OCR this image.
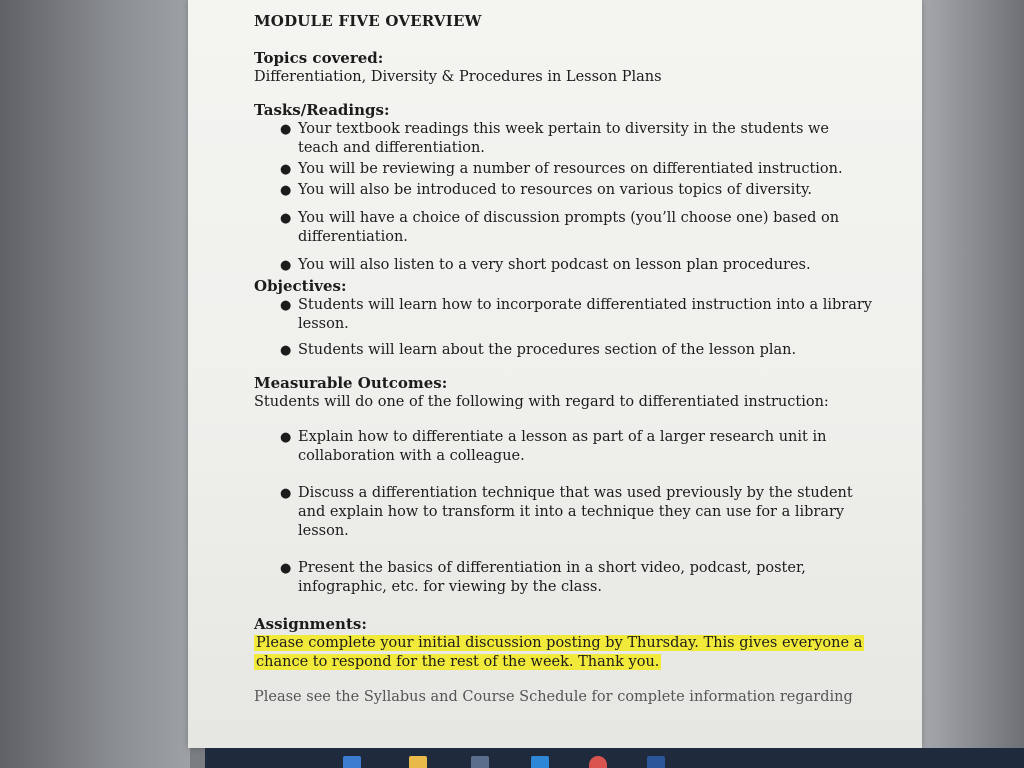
MODULE FIVE OVERVIEW
Topics covered:
Differentiation, Diversity & Procedures in Lesson Plans
Tasks/Readings:
● Your textbook readings this week pertain to diversity in the students we teach and differentiation.
● You will be reviewing a number of resources on differentiated instruction.
● You will also be introduced to resources on various topics of diversity.
● You will have a choice of discussion prompts (you’ll choose one) based on differentiation.
● You will also listen to a very short podcast on lesson plan procedures.
Objectives:
● Students will learn how to incorporate differentiated instruction into a library lesson.
● Students will learn about the procedures section of the lesson plan.
Measurable Outcomes:
Students will do one of the following with regard to differentiated instruction:
● Explain how to differentiate a lesson as part of a larger research unit in collaboration with a colleague.
● Discuss a differentiation technique that was used previously by the student and explain how to transform it into a technique they can use for a library lesson.
● Present the basics of differentiation in a short video, podcast, poster, infographic, etc. for viewing by the class.
Assignments:

Please complete your initial discussion posting by Thursday. This gives everyone a chance to respond for the rest of the week. Thank you.

Please see the Syllabus and Course Schedule for complete information regarding
